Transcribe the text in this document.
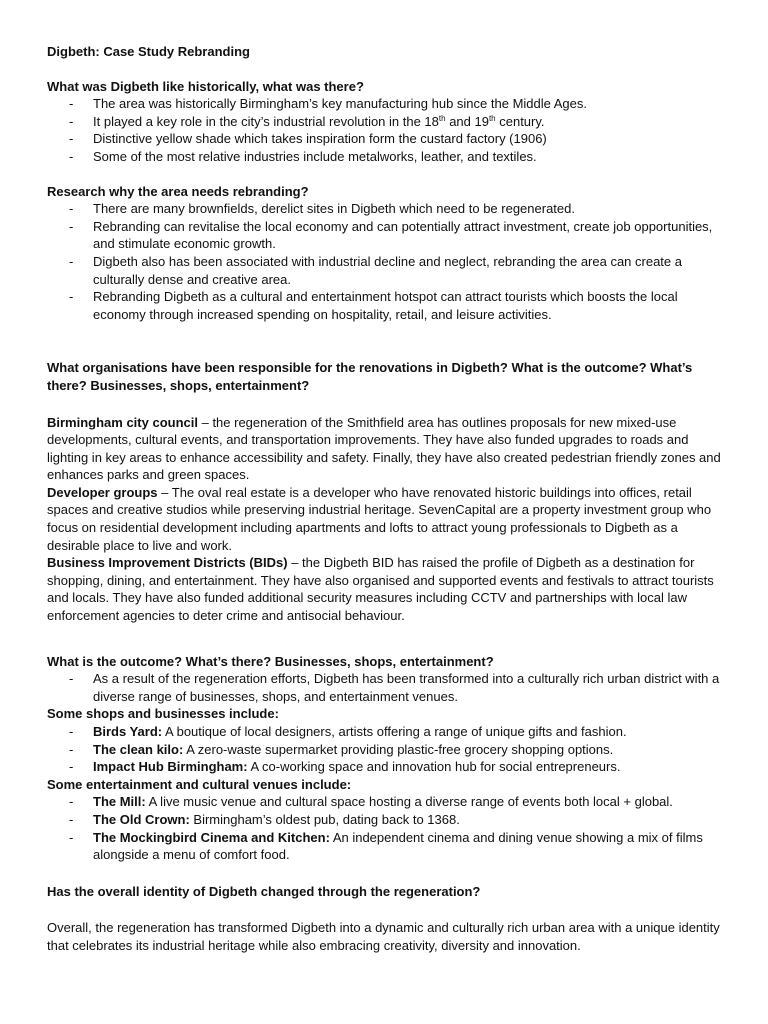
Digbeth: Case Study Rebranding

What was Digbeth like historically, what was there?

- The area was historically Birmingham’s key manufacturing hub since the Middle Ages.
- It played a key role in the city’s industrial revolution in the 18th and 19th century.
- Distinctive yellow shade which takes inspiration form the custard factory (1906)
- Some of the most relative industries include metalworks, leather, and textiles.

Research why the area needs rebranding?

- There are many brownfields, derelict sites in Digbeth which need to be regenerated.
- Rebranding can revitalise the local economy and can potentially attract investment, create job opportunities, and stimulate economic growth.
- Digbeth also has been associated with industrial decline and neglect, rebranding the area can create a culturally dense and creative area.
- Rebranding Digbeth as a cultural and entertainment hotspot can attract tourists which boosts the local economy through increased spending on hospitality, retail, and leisure activities.

What organisations have been responsible for the renovations in Digbeth? What is the outcome? What’s there? Businesses, shops, entertainment?

Birmingham city council – the regeneration of the Smithfield area has outlines proposals for new mixed-use developments, cultural events, and transportation improvements. They have also funded upgrades to roads and lighting in key areas to enhance accessibility and safety. Finally, they have also created pedestrian friendly zones and enhances parks and green spaces.

Developer groups – The oval real estate is a developer who have renovated historic buildings into offices, retail spaces and creative studios while preserving industrial heritage. SevenCapital are a property investment group who focus on residential development including apartments and lofts to attract young professionals to Digbeth as a desirable place to live and work.

Business Improvement Districts (BIDs) – the Digbeth BID has raised the profile of Digbeth as a destination for shopping, dining, and entertainment. They have also organised and supported events and festivals to attract tourists and locals. They have also funded additional security measures including CCTV and partnerships with local law enforcement agencies to deter crime and antisocial behaviour.

What is the outcome? What’s there? Businesses, shops, entertainment?

- As a result of the regeneration efforts, Digbeth has been transformed into a culturally rich urban district with a diverse range of businesses, shops, and entertainment venues.

Some shops and businesses include:

- Birds Yard: A boutique of local designers, artists offering a range of unique gifts and fashion.
- The clean kilo: A zero-waste supermarket providing plastic-free grocery shopping options.
- Impact Hub Birmingham: A co-working space and innovation hub for social entrepreneurs.

Some entertainment and cultural venues include:

- The Mill: A live music venue and cultural space hosting a diverse range of events both local + global.
- The Old Crown: Birmingham’s oldest pub, dating back to 1368.
- The Mockingbird Cinema and Kitchen: An independent cinema and dining venue showing a mix of films alongside a menu of comfort food.

Has the overall identity of Digbeth changed through the regeneration?

Overall, the regeneration has transformed Digbeth into a dynamic and culturally rich urban area with a unique identity that celebrates its industrial heritage while also embracing creativity, diversity and innovation.
